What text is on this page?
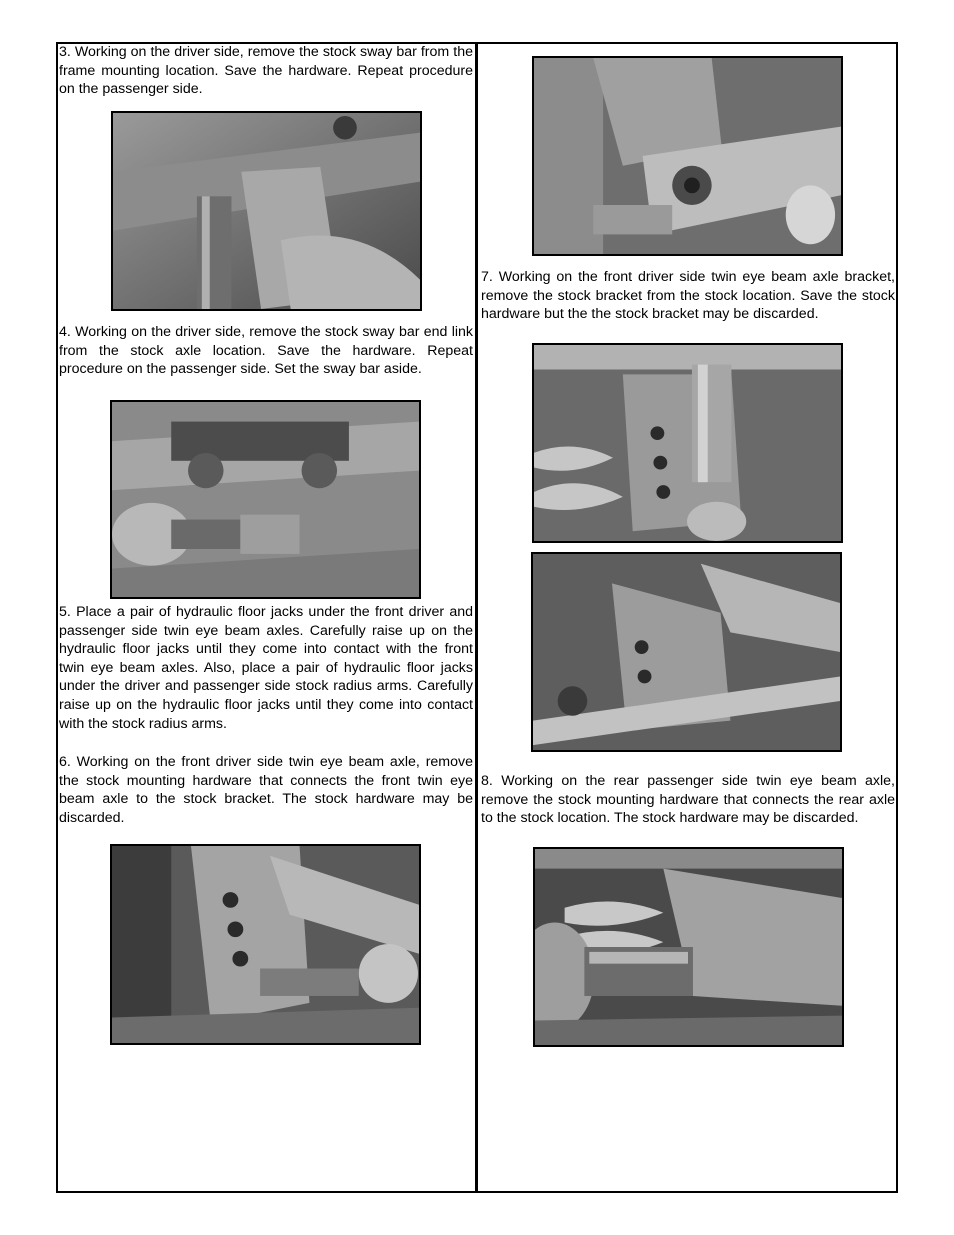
3. Working on the driver side, remove the stock sway bar from the frame mounting location. Save the hardware. Repeat procedure on the passenger side.

4. Working on the driver side, remove the stock sway bar end link from the stock axle location. Save the hardware. Repeat procedure on the passenger side. Set the sway bar aside.

5. Place a pair of hydraulic floor jacks under the front driver and passenger side twin eye beam axles. Carefully raise up on the hydraulic floor jacks until they come into contact with the front twin eye beam axles. Also, place a pair of hydraulic floor jacks under the driver and passenger side stock radius arms. Carefully raise up on the hydraulic floor jacks until they come into contact with the stock radius arms.

6. Working on the front driver side twin eye beam axle, remove the stock mounting hardware that connects the front twin eye beam axle to the stock bracket. The stock hardware may be discarded.

7. Working on the front driver side twin eye beam axle bracket, remove the stock bracket from the stock location. Save the stock hardware but the the stock bracket may be discarded.

8. Working on the rear passenger side twin eye beam axle, remove the stock mounting hardware that connects the rear axle to the stock location. The stock hardware may be discarded.
